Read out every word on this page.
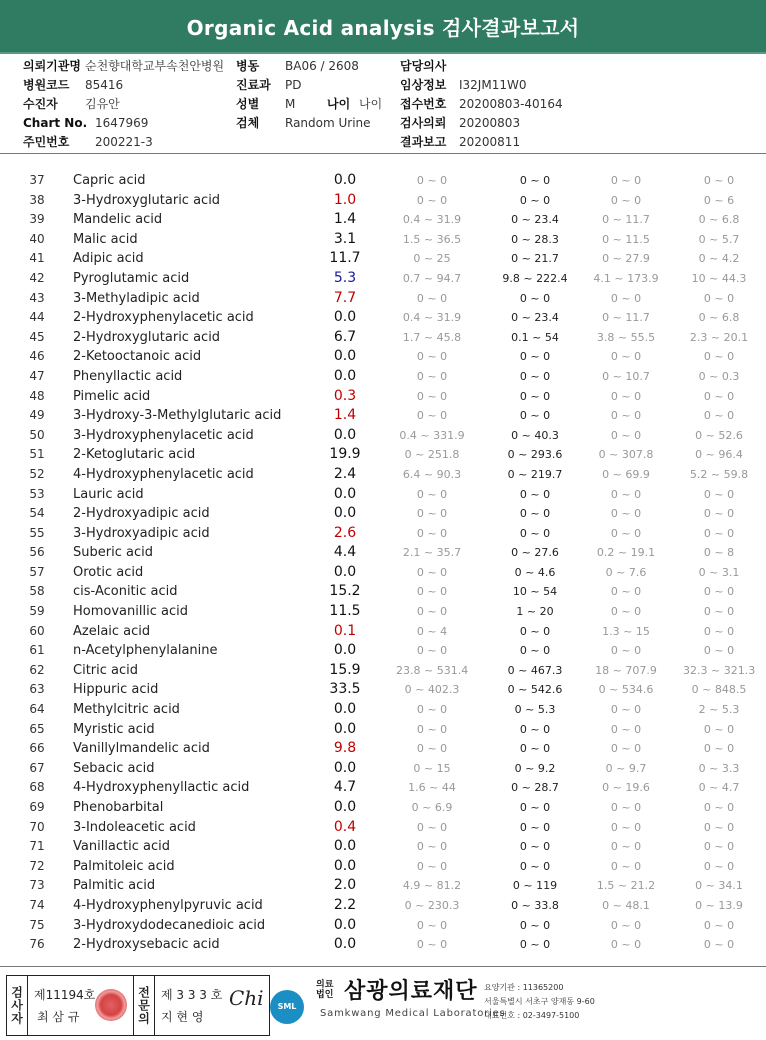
Organic Acid analysis 검사결과보고서
의뢰기관명 순천향대학교부속천안병원 병동 BA06 / 2608	담당의사
병원코드 85416	진료과 PD	임상정보 I32JM11W0
수진자 김유안	성별 M	나이 나이 접수번호 20200803-40164
Chart No. 1647969	검체 Random Urine 검사의뢰 20200803
주민번호 200221-3	결과보고 20200811
37	Capric acid	0.0	0 ~ 0	0 ~ 0	0 ~ 0	0 ~ 0
38	3-Hydroxyglutaric acid	1.0	0 ~ 0	0 ~ 0	0 ~ 0	0 ~ 6
39	Mandelic acid	1.4	0.4 ~ 31.9	0 ~ 23.4	0 ~ 11.7	0 ~ 6.8
40	Malic acid	3.1	1.5 ~ 36.5	0 ~ 28.3	0 ~ 11.5	0 ~ 5.7
41	Adipic acid	11.7	0 ~ 25	0 ~ 21.7	0 ~ 27.9	0 ~ 4.2
42	Pyroglutamic acid	5.3	0.7 ~ 94.7	9.8 ~ 222.4	4.1 ~ 173.9	10 ~ 44.3
43	3-Methyladipic acid	7.7	0 ~ 0	0 ~ 0	0 ~ 0	0 ~ 0
44	2-Hydroxyphenylacetic acid	0.0	0.4 ~ 31.9	0 ~ 23.4	0 ~ 11.7	0 ~ 6.8
45	2-Hydroxyglutaric acid	6.7	1.7 ~ 45.8	0.1 ~ 54	3.8 ~ 55.5	2.3 ~ 20.1
46	2-Ketooctanoic acid	0.0	0 ~ 0	0 ~ 0	0 ~ 0	0 ~ 0
47	Phenyllactic acid	0.0	0 ~ 0	0 ~ 0	0 ~ 10.7	0 ~ 0.3
48	Pimelic acid	0.3	0 ~ 0	0 ~ 0	0 ~ 0	0 ~ 0
49	3-Hydroxy-3-Methylglutaric acid	1.4	0 ~ 0	0 ~ 0	0 ~ 0	0 ~ 0
50	3-Hydroxyphenylacetic acid	0.0	0.4 ~ 331.9	0 ~ 40.3	0 ~ 0	0 ~ 52.6
51	2-Ketoglutaric acid	19.9	0 ~ 251.8	0 ~ 293.6	0 ~ 307.8	0 ~ 96.4
52	4-Hydroxyphenylacetic acid	2.4	6.4 ~ 90.3	0 ~ 219.7	0 ~ 69.9	5.2 ~ 59.8
53	Lauric acid	0.0	0 ~ 0	0 ~ 0	0 ~ 0	0 ~ 0
54	2-Hydroxyadipic acid	0.0	0 ~ 0	0 ~ 0	0 ~ 0	0 ~ 0
55	3-Hydroxyadipic acid	2.6	0 ~ 0	0 ~ 0	0 ~ 0	0 ~ 0
56	Suberic acid	4.4	2.1 ~ 35.7	0 ~ 27.6	0.2 ~ 19.1	0 ~ 8
57	Orotic acid	0.0	0 ~ 0	0 ~ 4.6	0 ~ 7.6	0 ~ 3.1
58	cis-Aconitic acid	15.2	0 ~ 0	10 ~ 54	0 ~ 0	0 ~ 0
59	Homovanillic acid	11.5	0 ~ 0	1 ~ 20	0 ~ 0	0 ~ 0
60	Azelaic acid	0.1	0 ~ 4	0 ~ 0	1.3 ~ 15	0 ~ 0
61	n-Acetylphenylalanine	0.0	0 ~ 0	0 ~ 0	0 ~ 0	0 ~ 0
62	Citric acid	15.9	23.8 ~ 531.4	0 ~ 467.3	18 ~ 707.9	32.3 ~ 321.3
63	Hippuric acid	33.5	0 ~ 402.3	0 ~ 542.6	0 ~ 534.6	0 ~ 848.5
64	Methylcitric acid	0.0	0 ~ 0	0 ~ 5.3	0 ~ 0	2 ~ 5.3
65	Myristic acid	0.0	0 ~ 0	0 ~ 0	0 ~ 0	0 ~ 0
66	Vanillylmandelic acid	9.8	0 ~ 0	0 ~ 0	0 ~ 0	0 ~ 0
67	Sebacic acid	0.0	0 ~ 15	0 ~ 9.2	0 ~ 9.7	0 ~ 3.3
68	4-Hydroxyphenyllactic acid	4.7	1.6 ~ 44	0 ~ 28.7	0 ~ 19.6	0 ~ 4.7
69	Phenobarbital	0.0	0 ~ 6.9	0 ~ 0	0 ~ 0	0 ~ 0
70	3-Indoleacetic acid	0.4	0 ~ 0	0 ~ 0	0 ~ 0	0 ~ 0
71	Vanillactic acid	0.0	0 ~ 0	0 ~ 0	0 ~ 0	0 ~ 0
72	Palmitoleic acid	0.0	0 ~ 0	0 ~ 0	0 ~ 0	0 ~ 0
73	Palmitic acid	2.0	4.9 ~ 81.2	0 ~ 119	1.5 ~ 21.2	0 ~ 34.1
74	4-Hydroxyphenylpyruvic acid	2.2	0 ~ 230.3	0 ~ 33.8	0 ~ 48.1	0 ~ 13.9
75	3-Hydroxydodecanedioic acid	0.0	0 ~ 0	0 ~ 0	0 ~ 0	0 ~ 0
76	2-Hydroxysebacic acid	0.0	0 ~ 0	0 ~ 0	0 ~ 0	0 ~ 0
검사자 제11194호
최 삼 규	전문의 제 3 3 3 호
지 현 영
Chi	SML
의료법인 삼광의료재단
Samkwang Medical Laboratories
요양기관 : 11365200
서울특별시 서초구 양재동 9-60
대표번호 : 02-3497-5100
